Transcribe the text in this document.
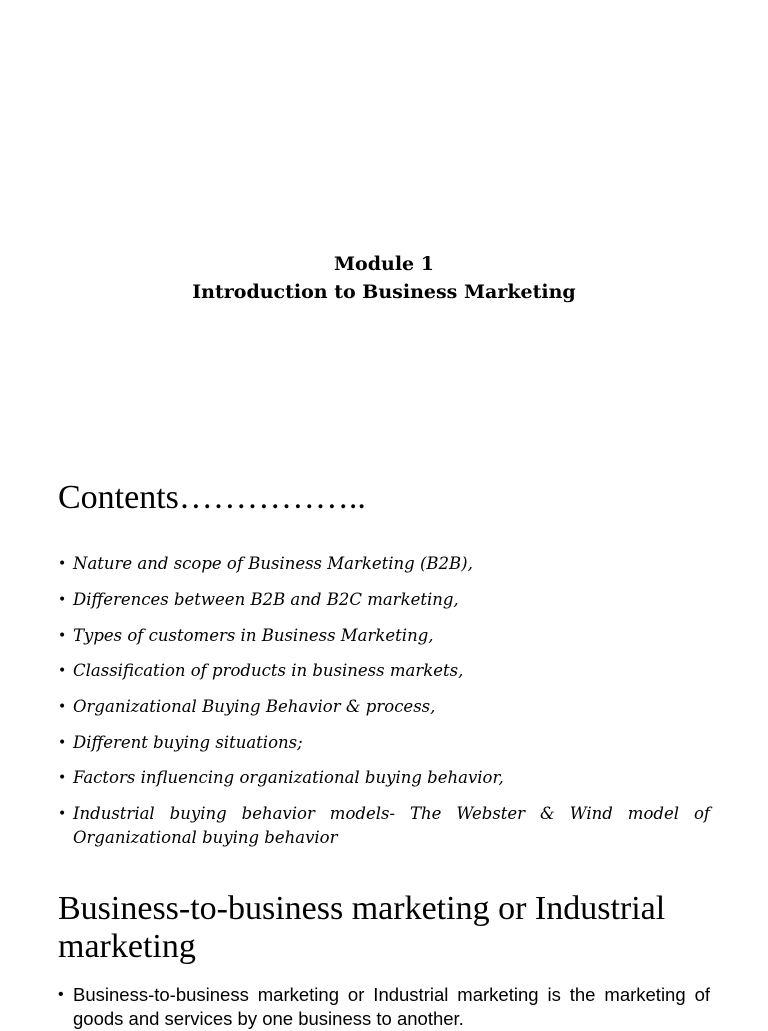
Module 1
Introduction to Business Marketing
Contents……………..
• Nature and scope of Business Marketing (B2B),
• Differences between B2B and B2C marketing,
• Types of customers in Business Marketing,
• Classification of products in business markets,
• Organizational Buying Behavior & process,
• Different buying situations;
• Factors influencing organizational buying behavior,
• Industrial buying behavior models- The Webster & Wind model of Organizational buying behavior
Business-to-business marketing or Industrial marketing
• Business-to-business marketing or Industrial marketing is the marketing of goods and services by one business to another.
